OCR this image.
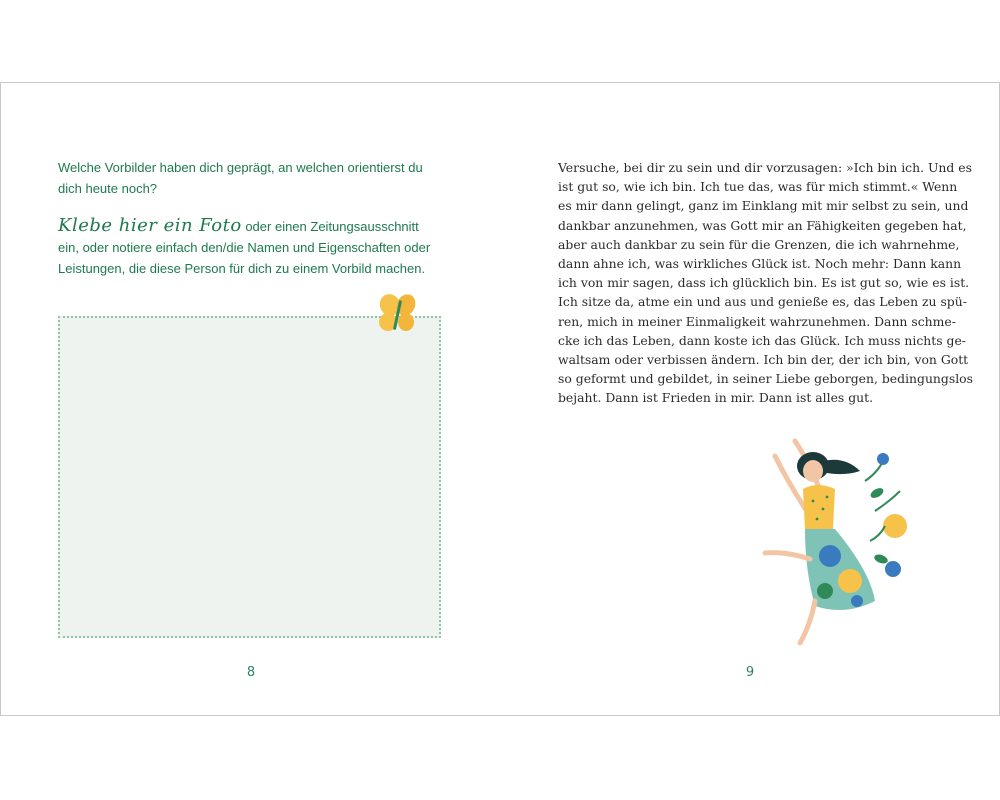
Welche Vorbilder haben dich geprägt, an welchen orientierst du dich heute noch?

Klebe hier ein Foto oder einen Zeitungsausschnitt ein, oder notiere einfach den/die Namen und Eigenschaften oder Leistungen, die diese Person für dich zu einem Vorbild machen.

8
Versuche, bei dir zu sein und dir vorzusagen: »Ich bin ich. Und es
ist gut so, wie ich bin. Ich tue das, was für mich stimmt.« Wenn
es mir dann gelingt, ganz im Einklang mit mir selbst zu sein, und
dankbar anzunehmen, was Gott mir an Fähigkeiten gegeben hat,
aber auch dankbar zu sein für die Grenzen, die ich wahrnehme,
dann ahne ich, was wirkliches Glück ist. Noch mehr: Dann kann
ich von mir sagen, dass ich glücklich bin. Es ist gut so, wie es ist.
Ich sitze da, atme ein und aus und genieße es, das Leben zu spü-
ren, mich in meiner Einmaligkeit wahrzunehmen. Dann schme-
cke ich das Leben, dann koste ich das Glück. Ich muss nichts ge-
waltsam oder verbissen ändern. Ich bin der, der ich bin, von Gott
so geformt und gebildet, in seiner Liebe geborgen, bedingungslos
bejaht. Dann ist Frieden in mir. Dann ist alles gut.
9
